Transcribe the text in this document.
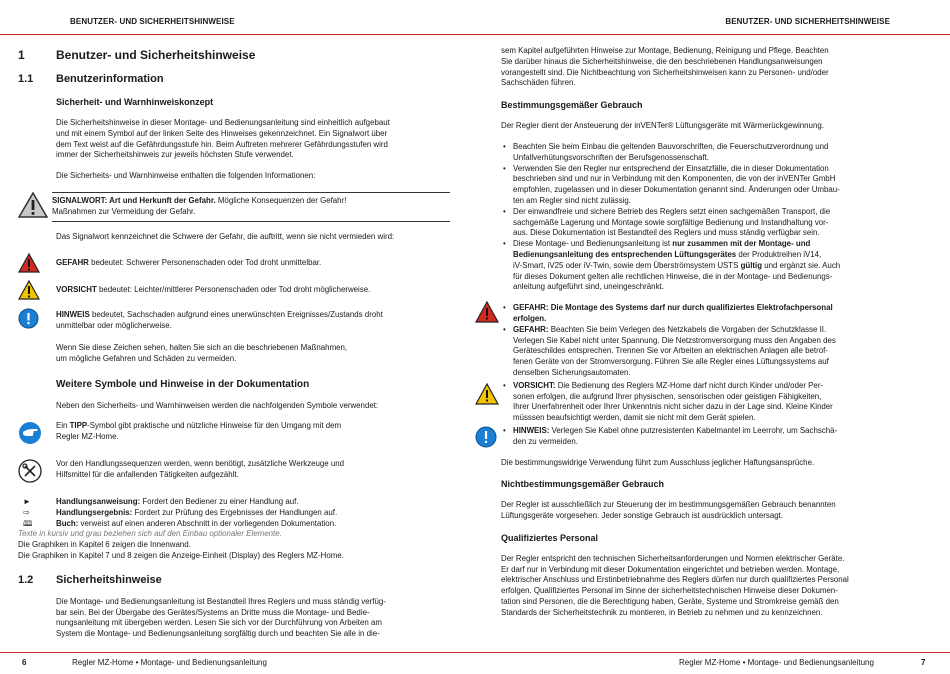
BENUTZER- UND SICHERHEITSHINWEISE
1	Benutzer- und Sicherheitshinweise
1.1	Benutzerinformation
Sicherheit- und Warnhinweiskonzept

Die Sicherheitshinweise in dieser Montage- und Bedienungsanleitung sind einheitlich aufgebaut
und mit einem Symbol auf der linken Seite des Hinweises gekennzeichnet. Ein Signalwort über
dem Text weist auf die Gefährdungsstufe hin. Beim Auftreten mehrerer Gefährdungsstufen wird
immer der Sicherheitshinweis zur jeweils höchsten Stufe verwendet.

Die Sicherheits- und Warnhinweise enthalten die folgenden Informationen:

SIGNALWORT: Art und Herkunft der Gefahr. Mögliche Konsequenzen der Gefahr!
Maßnahmen zur Vermeidung der Gefahr.

Das Signalwort kennzeichnet die Schwere der Gefahr, die auftritt, wenn sie nicht vermieden wird:

GEFAHR bedeutet: Schwerer Personenschaden oder Tod droht unmittelbar.
VORSICHT bedeutet: Leichter/mittlerer Personenschaden oder Tod droht möglicherweise.
HINWEIS bedeutet, Sachschaden aufgrund eines unerwünschten Ereignisses/Zustands droht
unmittelbar oder möglicherweise.

Wenn Sie diese Zeichen sehen, halten Sie sich an die beschriebenen Maßnahmen,
um mögliche Gefahren und Schäden zu vermeiden.

Weitere Symbole und Hinweise in der Dokumentation

Neben den Sicherheits- und Warnhinweisen werden die nachfolgenden Symbole verwendet:

Ein TIPP-Symbol gibt praktische und nützliche Hinweise für den Umgang mit dem
Regler MZ-Home.
Vor den Handlungssequenzen werden, wenn benötigt, zusätzliche Werkzeuge und
Hilfsmittel für die anfallenden Tätigkeiten aufgezählt.
►	Handlungsanweisung: Fordert den Bediener zu einer Handlung auf.
⇨	Handlungsergebnis: Fordert zur Prüfung des Ergebnisses der Handlungen auf.
🕮	Buch: verweist auf einen anderen Abschnitt in der vorliegenden Dokumentation.
Texte in kursiv und grau beziehen sich auf den Einbau optionaler Elemente.
Die Graphiken in Kapitel 6 zeigen die Innenwand.
Die Graphiken in Kapitel 7 und 8 zeigen die Anzeige-Einheit (Display) des Reglers MZ-Home.
1.2	Sicherheitshinweise

Die Montage- und Bedienungsanleitung ist Bestandteil Ihres Reglers und muss ständig verfüg-
bar sein. Bei der Übergabe des Gerätes/Systems an Dritte muss die Montage- und Bedie-
nungsanleitung mit übergeben werden. Lesen Sie sich vor der Durchführung von Arbeiten am
System die Montage- und Bedienungsanleitung sorgfältig durch und beachten Sie alle in die-

6	Regler MZ-Home • Montage- und Bedienungsanleitung
BENUTZER- UND SICHERHEITSHINWEISE

sem Kapitel aufgeführten Hinweise zur Montage, Bedienung, Reinigung und Pflege. Beachten
Sie darüber hinaus die Sicherheitshinweise, die den beschriebenen Handlungsanweisungen
vorangestellt sind. Die Nichtbeachtung von Sicherheitshinweisen kann zu Personen- und/oder
Sachschäden führen.

Bestimmungsgemäßer Gebrauch

Der Regler dient der Ansteuerung der inVENTer® Lüftungsgeräte mit Wärmerückgewinnung.

• Beachten Sie beim Einbau die geltenden Bauvorschriften, die Feuerschutzverordnung und
Unfallverhütungsvorschriften der Berufsgenossenschaft.
• Verwenden Sie den Regler nur entsprechend der Einsatzfälle, die in dieser Dokumentation
beschrieben sind und nur in Verbindung mit den Komponenten, die von der inVENTer GmbH
empfohlen, zugelassen und in dieser Dokumentation genannt sind. Änderungen oder Umbau-
ten am Regler sind nicht zulässig.
• Der einwandfreie und sichere Betrieb des Reglers setzt einen sachgemäßen Transport, die
sachgemäße Lagerung und Montage sowie sorgfältige Bedienung und Instandhaltung vor-
aus. Diese Dokumentation ist Bestandteil des Reglers und muss ständig verfügbar sein.
• Diese Montage- und Bedienungsanleitung ist nur zusammen mit der Montage- und
Bedienungsanleitung des entsprechenden Lüftungsgerätes der Produktreihen iV14,
iV-Smart, iV25 oder iV-Twin, sowie dem Überströmsystem USTS gültig und ergänzt sie. Auch
für dieses Dokument gelten alle rechtlichen Hinweise, die in der Montage- und Bedienungs-
anleitung aufgeführt sind, uneingeschränkt.
• GEFAHR: Die Montage des Systems darf nur durch qualifiziertes Elektrofachpersonal
erfolgen.
• GEFAHR: Beachten Sie beim Verlegen des Netzkabels die Vorgaben der Schutzklasse II.
Verlegen Sie Kabel nicht unter Spannung. Die Netzstromversorgung muss den Angaben des
Geräteschildes entsprechen. Trennen Sie vor Arbeiten an elektrischen Anlagen alle betrof-
fenen Geräte von der Stromversorgung. Führen Sie alle Regler eines Lüftungssystems auf
denselben Sicherungsautomaten.
• VORSICHT: Die Bedienung des Reglers MZ-Home darf nicht durch Kinder und/oder Per-
sonen erfolgen, die aufgrund Ihrer physischen, sensorischen oder geistigen Fähigkeiten,
Ihrer Unerfahrenheit oder Ihrer Unkenntnis nicht sicher dazu in der Lage sind. Kleine Kinder
müsssen beaufsichtigt werden, damit sie nicht mit dem Gerät spielen.
• HINWEIS: Verlegen Sie Kabel ohne putzresistenten Kabelmantel im Leerrohr, um Sachschä-
den zu vermeiden.

Die bestimmungswidrige Verwendung führt zum Ausschluss jeglicher Haftungsansprüche.

Nichtbestimmungsgemäßer Gebrauch

Der Regler ist ausschließlich zur Steuerung der im bestimmungsgemäßen Gebrauch benannten
Lüftungsgeräte vorgesehen. Jeder sonstige Gebrauch ist ausdrücklich untersagt.

Qualifiziertes Personal

Der Regler entspricht den technischen Sicherheitsanforderungen und Normen elektrischer Geräte.
Er darf nur in Verbindung mit dieser Dokumentation eingerichtet und betrieben werden. Montage,
elektrischer Anschluss und Erstinbetriebnahme des Reglers dürfen nur durch qualifiziertes Personal
erfolgen. Qualifiziertes Personal im Sinne der sicherheitstechnischen Hinweise dieser Dokumen-
tation sind Personen, die die Berechtigung haben, Geräte, Systeme und Stromkreise gemäß den
Standards der Sicherheitstechnik zu montieren, in Betrieb zu nehmen und zu kennzeichnen.

Regler MZ-Home • Montage- und Bedienungsanleitung	7
